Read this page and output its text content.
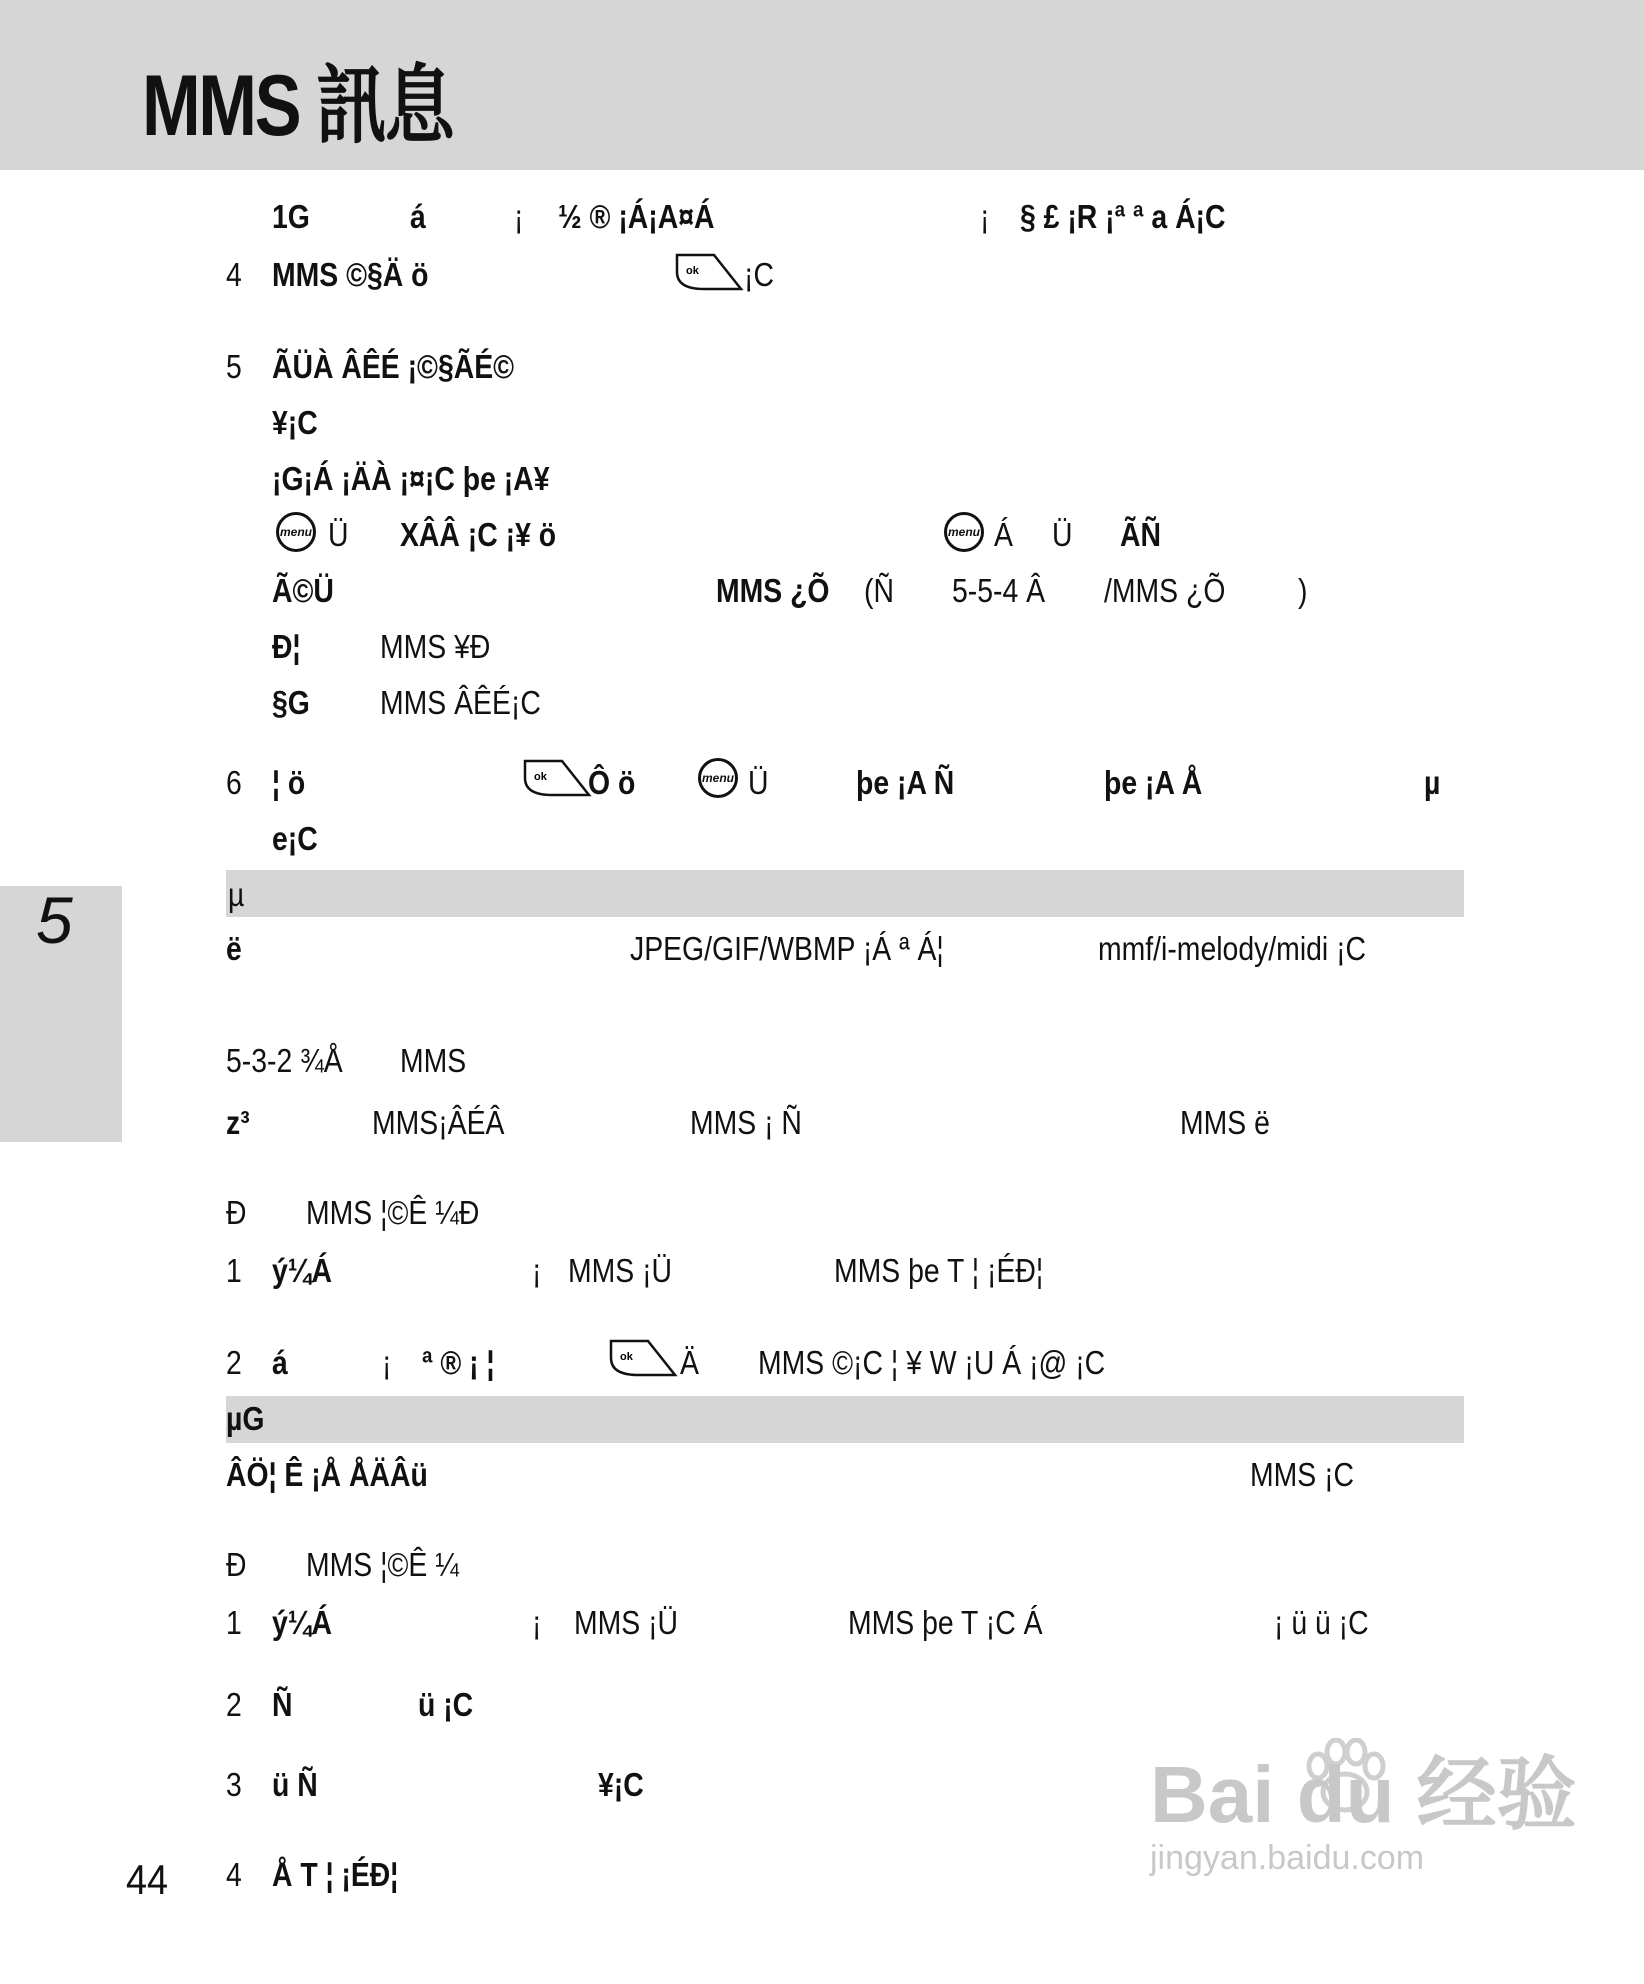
MMS 訊息
5
1G	á	¡ ½ ® ¡Á¡A¤Á	¡ § £ ¡R ¡ª ª a Á¡C
4 MMS ©§Ä ö	ok ¡C
5 ÃÜÀ ÂÊÉ ¡©§ÃÉ©
¥¡C
¡G¡Á ¡ÄÀ ¡¤¡C þe ¡A¥
menu Ü XÂÂ ¡C ¡¥ ö	menu Á Ü ÃÑ
Ã©Ü	MMS ¿Õ (Ñ 5-5-4 Â /MMS ¿Õ )
Ð¦ MMS ¥Ð
§G MMS ÂÊÉ¡C
6 ¦ ö	ok Ô ö	menu Ü	þe ¡A Ñ	þe ¡A Å	µ
e¡C
µ
ë	JPEG/GIF/WBMP ¡Á ª Á¦	mmf/i-melody/midi ¡C
5-3-2 ¾Å MMS
z³	MMS¡ÂÉÂ	MMS ¡ Ñ	MMS ë
Ð MMS ¦©Ê ¼Ð
1 ý¼Á	¡ MMS ¡Ü	MMS þe T ¦ ¡ÉÐ¦
2 á	¡ ª ® ¡ ¦	ok Ä MMS ©¡C ¦ ¥ W ¡U Á ¡@ ¡C
µG
ÂÖ¦ Ê ¡Å ÅÄÂü	MMS ¡C
Ð MMS ¦©Ê ¼
1 ý¼Á	¡ MMS ¡Ü	MMS þe T ¡C Á	¡ ü ü ¡C
2 Ñ	ü ¡C
3 ü Ñ	¥¡C
4 Å T ¦ ¡ÉÐ¦
44
Bai du 经验
jingyan.baidu.com
